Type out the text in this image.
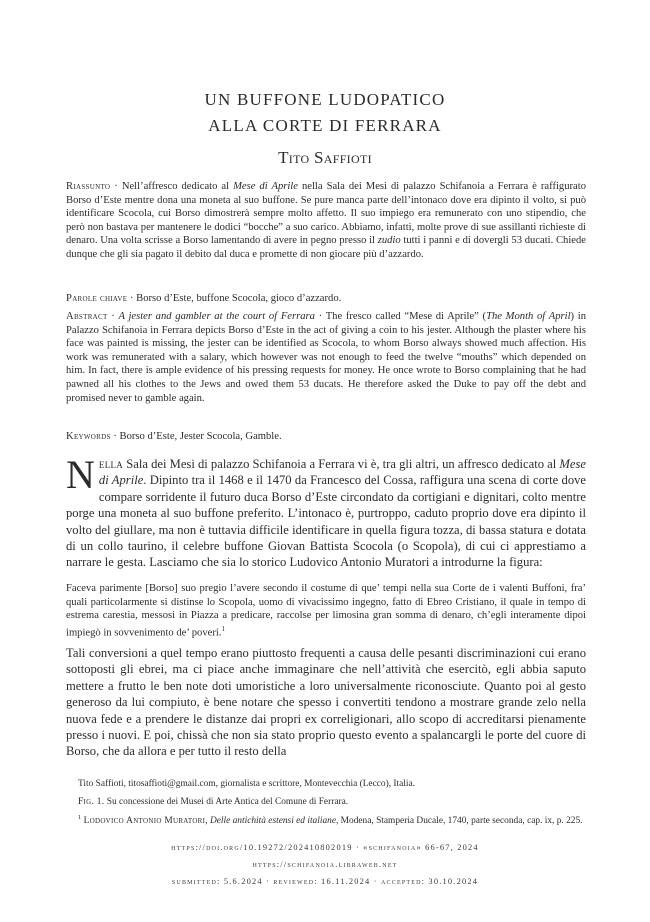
UN BUFFONE LUDOPATICO
ALLA CORTE DI FERRARA
Tito Saffioti
Riassunto · Nell’affresco dedicato al Mese di Aprile nella Sala dei Mesi di palazzo Schifanoia a Ferrara è raffigurato Borso d’Este mentre dona una moneta al suo buffone. Se pure manca parte dell’intonaco dove era dipinto il volto, si può identificare Scocola, cui Borso dimostrerà sempre molto affetto. Il suo impiego era remunerato con uno stipendio, che però non bastava per mantenere le dodici “bocche” a suo carico. Abbiamo, infatti, molte prove di sue assillanti richieste di denaro. Una volta scrisse a Borso lamentando di avere in pegno presso il zudio tutti i panni e di dovergli 53 ducati. Chiede dunque che gli sia pagato il debito dal duca e promette di non giocare più d’azzardo.
Parole chiave · Borso d’Este, buffone Scocola, gioco d’azzardo.
Abstract · A jester and gambler at the court of Ferrara · The fresco called “Mese di Aprile” (The Month of April) in Palazzo Schifanoia in Ferrara depicts Borso d’Este in the act of giving a coin to his jester. Although the plaster where his face was painted is missing, the jester can be identified as Scocola, to whom Borso always showed much affection. His work was remunerated with a salary, which however was not enough to feed the twelve “mouths” which depended on him. In fact, there is ample evidence of his pressing requests for money. He once wrote to Borso complaining that he had pawned all his clothes to the Jews and owed them 53 ducats. He therefore asked the Duke to pay off the debt and promised never to gamble again.
Keywords · Borso d’Este, Jester Scocola, Gamble.
Nella Sala dei Mesi di palazzo Schifanoia a Ferrara vi è, tra gli altri, un affresco dedicato al Mese di Aprile. Dipinto tra il 1468 e il 1470 da Francesco del Cossa, raffigura una scena di corte dove compare sorridente il futuro duca Borso d’Este circondato da cortigiani e dignitari, colto mentre porge una moneta al suo buffone preferito. L’intonaco è, purtroppo, caduto proprio dove era dipinto il volto del giullare, ma non è tuttavia difficile identificare in quella figura tozza, di bassa statura e dotata di un collo taurino, il celebre buffone Giovan Battista Scocola (o Scopola), di cui ci apprestiamo a narrare le gesta. Lasciamo che sia lo storico Ludovico Antonio Muratori a introdurne la figura:
Faceva parimente [Borso] suo pregio l’avere secondo il costume di que’ tempi nella sua Corte de i valenti Buffoni, fra’ quali particolarmente si distinse lo Scopola, uomo di vivacissimo ingegno, fatto di Ebreo Cristiano, il quale in tempo di estrema carestia, messosi in Piazza a predicare, raccolse per limosina gran somma di denaro, ch’egli interamente dipoi impiegò in sovvenimento de’ poveri.$^1$
Tali conversioni a quel tempo erano piuttosto frequenti a causa delle pesanti discriminazioni cui erano sottoposti gli ebrei, ma ci piace anche immaginare che nell’attività che esercitò, egli abbia saputo mettere a frutto le ben note doti umoristiche a loro universalmente riconosciute. Quanto poi al gesto generoso da lui compiuto, è bene notare che spesso i convertiti tendono a mostrare grande zelo nella nuova fede e a prendere le distanze dai propri ex correligionari, allo scopo di accreditarsi pienamente presso i nuovi. E poi, chissà che non sia stato proprio questo evento a spalancargli le porte del cuore di Borso, che da allora e per tutto il resto della
Tito Saffioti, titosaffioti@gmail.com, giornalista e scrittore, Montevecchia (Lecco), Italia.
Fig. 1. Su concessione dei Musei di Arte Antica del Comune di Ferrara.
$^1$ Lodovico Antonio Muratori, Delle antichità estensi ed italiane, Modena, Stamperia Ducale, 1740, parte seconda, cap. ix, p. 225.
https://doi.org/10.19272/202410802019 · «schifanoia» 66-67, 2024
https://schifanoia.libraweb.net
submitted: 5.6.2024 · reviewed: 16.11.2024 · accepted: 30.10.2024
